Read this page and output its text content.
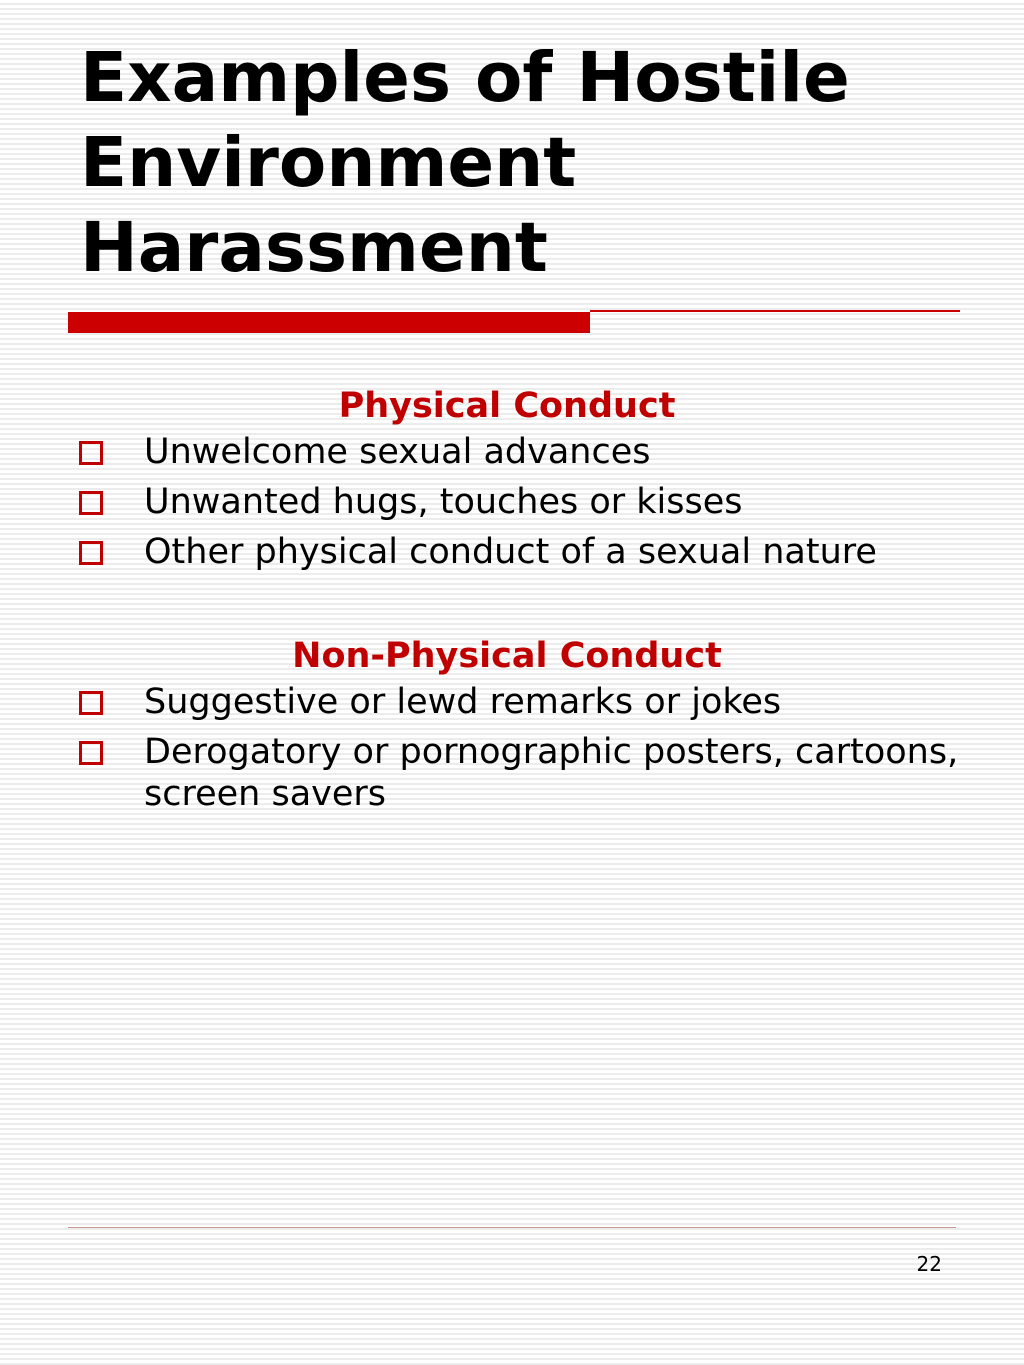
Examples of Hostile
Environment
Harassment
Physical Conduct
Unwelcome sexual advances
Unwanted hugs, touches or kisses
Other physical conduct of a sexual nature
Non-Physical Conduct
Suggestive or lewd remarks or jokes
Derogatory or pornographic posters, cartoons, screen savers
22
